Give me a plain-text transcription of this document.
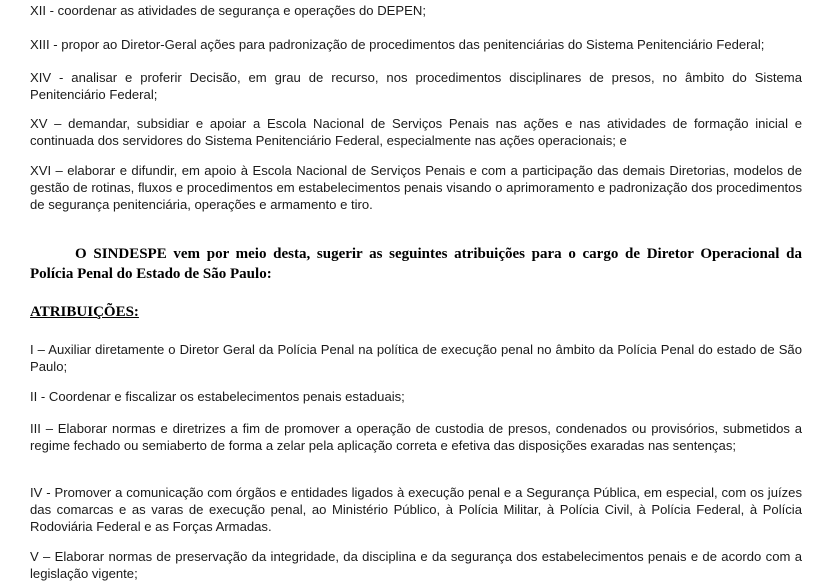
XII - coordenar as atividades de segurança e operações do DEPEN;

XIII - propor ao Diretor-Geral ações para padronização de procedimentos das penitenciárias do Sistema Penitenciário Federal;

XIV - analisar e proferir Decisão, em grau de recurso, nos procedimentos disciplinares de presos, no âmbito do Sistema Penitenciário Federal;

XV – demandar, subsidiar e apoiar a Escola Nacional de Serviços Penais nas ações e nas atividades de formação inicial e continuada dos servidores do Sistema Penitenciário Federal, especialmente nas ações operacionais; e

XVI – elaborar e difundir, em apoio à Escola Nacional de Serviços Penais e com a participação das demais Diretorias, modelos de gestão de rotinas, fluxos e procedimentos em estabelecimentos penais visando o aprimoramento e padronização dos procedimentos de segurança penitenciária, operações e armamento e tiro.

O SINDESPE vem por meio desta, sugerir as seguintes atribuições para o cargo de Diretor Operacional da Polícia Penal do Estado de São Paulo:

ATRIBUIÇÕES:

I – Auxiliar diretamente o Diretor Geral da Polícia Penal na política de execução penal no âmbito da Polícia Penal do estado de São Paulo;

II - Coordenar e fiscalizar os estabelecimentos penais estaduais;

III – Elaborar normas e diretrizes a fim de promover a operação de custodia de presos, condenados ou provisórios, submetidos a regime fechado ou semiaberto de forma a zelar pela aplicação correta e efetiva das disposições exaradas nas sentenças;

IV - Promover a comunicação com órgãos e entidades ligados à execução penal e a Segurança Pública, em especial, com os juízes das comarcas e as varas de execução penal, ao Ministério Público, à Polícia Militar, à Polícia Civil, à Polícia Federal, à Polícia Rodoviária Federal e as Forças Armadas.

V – Elaborar normas de preservação da integridade, da disciplina e da segurança dos estabelecimentos penais e de acordo com a legislação vigente;
